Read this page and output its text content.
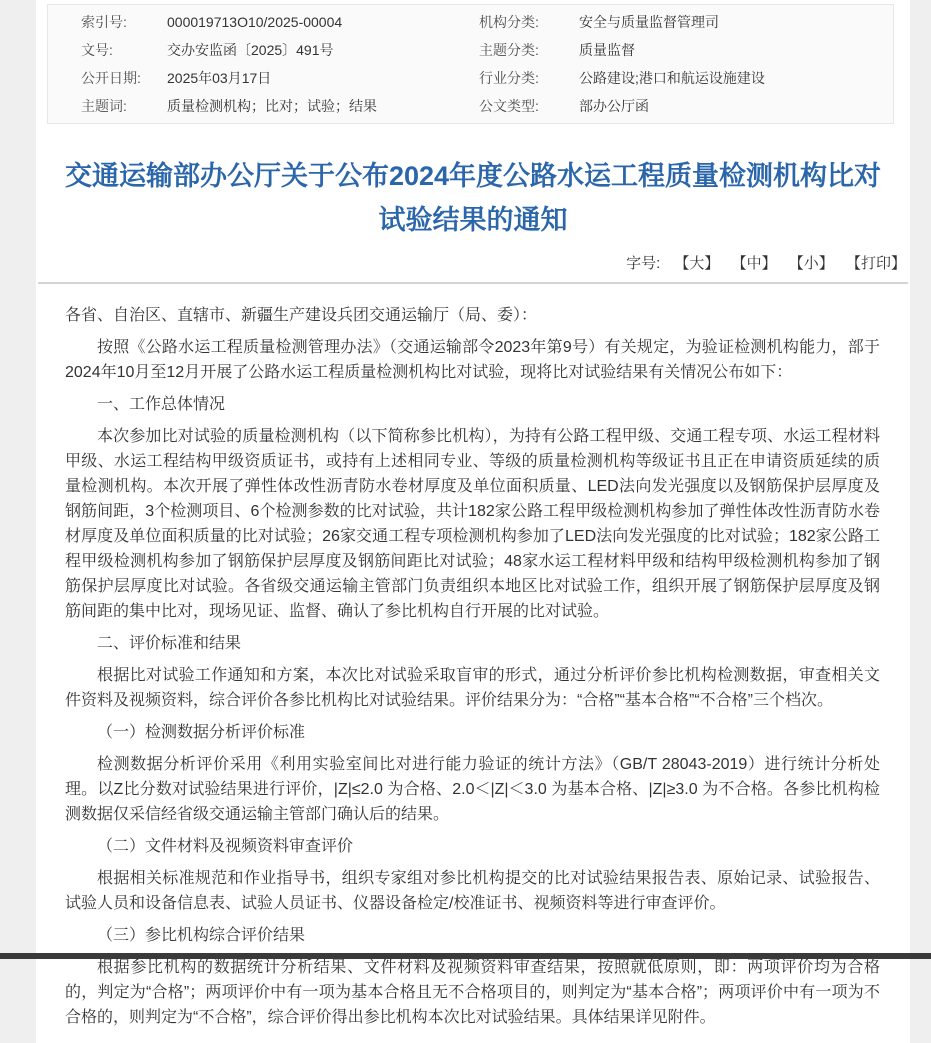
索引号:	000019713O10/2025-00004	机构分类:	安全与质量监督管理司
文号:	交办安监函〔2025〕491号	主题分类:	质量监督
公开日期:	2025年03月17日	行业分类:	公路建设;港口和航运设施建设
主题词:	质量检测机构；比对；试验；结果	公文类型:	部办公厅函
交通运输部办公厅关于公布2024年度公路水运工程质量检测机构比对试验结果的通知
字号: 【大】 【中】 【小】 【打印】

各省、自治区、直辖市、新疆生产建设兵团交通运输厅（局、委）：

按照《公路水运工程质量检测管理办法》（交通运输部令2023年第9号）有关规定，为验证检测机构能力，部于2024年10月至12月开展了公路水运工程质量检测机构比对试验，现将比对试验结果有关情况公布如下：

一、工作总体情况

本次参加比对试验的质量检测机构（以下简称参比机构），为持有公路工程甲级、交通工程专项、水运工程材料甲级、水运工程结构甲级资质证书，或持有上述相同专业、等级的质量检测机构等级证书且正在申请资质延续的质量检测机构。本次开展了弹性体改性沥青防水卷材厚度及单位面积质量、LED法向发光强度以及钢筋保护层厚度及钢筋间距，3个检测项目、6个检测参数的比对试验，共计182家公路工程甲级检测机构参加了弹性体改性沥青防水卷材厚度及单位面积质量的比对试验；26家交通工程专项检测机构参加了LED法向发光强度的比对试验；182家公路工程甲级检测机构参加了钢筋保护层厚度及钢筋间距比对试验；48家水运工程材料甲级和结构甲级检测机构参加了钢筋保护层厚度比对试验。各省级交通运输主管部门负责组织本地区比对试验工作，组织开展了钢筋保护层厚度及钢筋间距的集中比对，现场见证、监督、确认了参比机构自行开展的比对试验。

二、评价标准和结果

根据比对试验工作通知和方案，本次比对试验采取盲审的形式，通过分析评价参比机构检测数据，审查相关文件资料及视频资料，综合评价各参比机构比对试验结果。评价结果分为：“合格”“基本合格”“不合格”三个档次。

（一）检测数据分析评价标准

检测数据分析评价采用《利用实验室间比对进行能力验证的统计方法》（GB/T 28043-2019）进行统计分析处理。以Z比分数对试验结果进行评价，|Z|≤2.0 为合格、2.0＜|Z|＜3.0 为基本合格、|Z|≥3.0 为不合格。各参比机构检测数据仅采信经省级交通运输主管部门确认后的结果。

（二）文件材料及视频资料审查评价

根据相关标准规范和作业指导书，组织专家组对参比机构提交的比对试验结果报告表、原始记录、试验报告、试验人员和设备信息表、试验人员证书、仪器设备检定/校准证书、视频资料等进行审查评价。

（三）参比机构综合评价结果

根据参比机构的数据统计分析结果、文件材料及视频资料审查结果，按照就低原则，即：两项评价均为合格的，判定为“合格”；两项评价中有一项为基本合格且无不合格项目的，则判定为“基本合格”；两项评价中有一项为不合格的，则判定为“不合格”，综合评价得出参比机构本次比对试验结果。具体结果详见附件。
